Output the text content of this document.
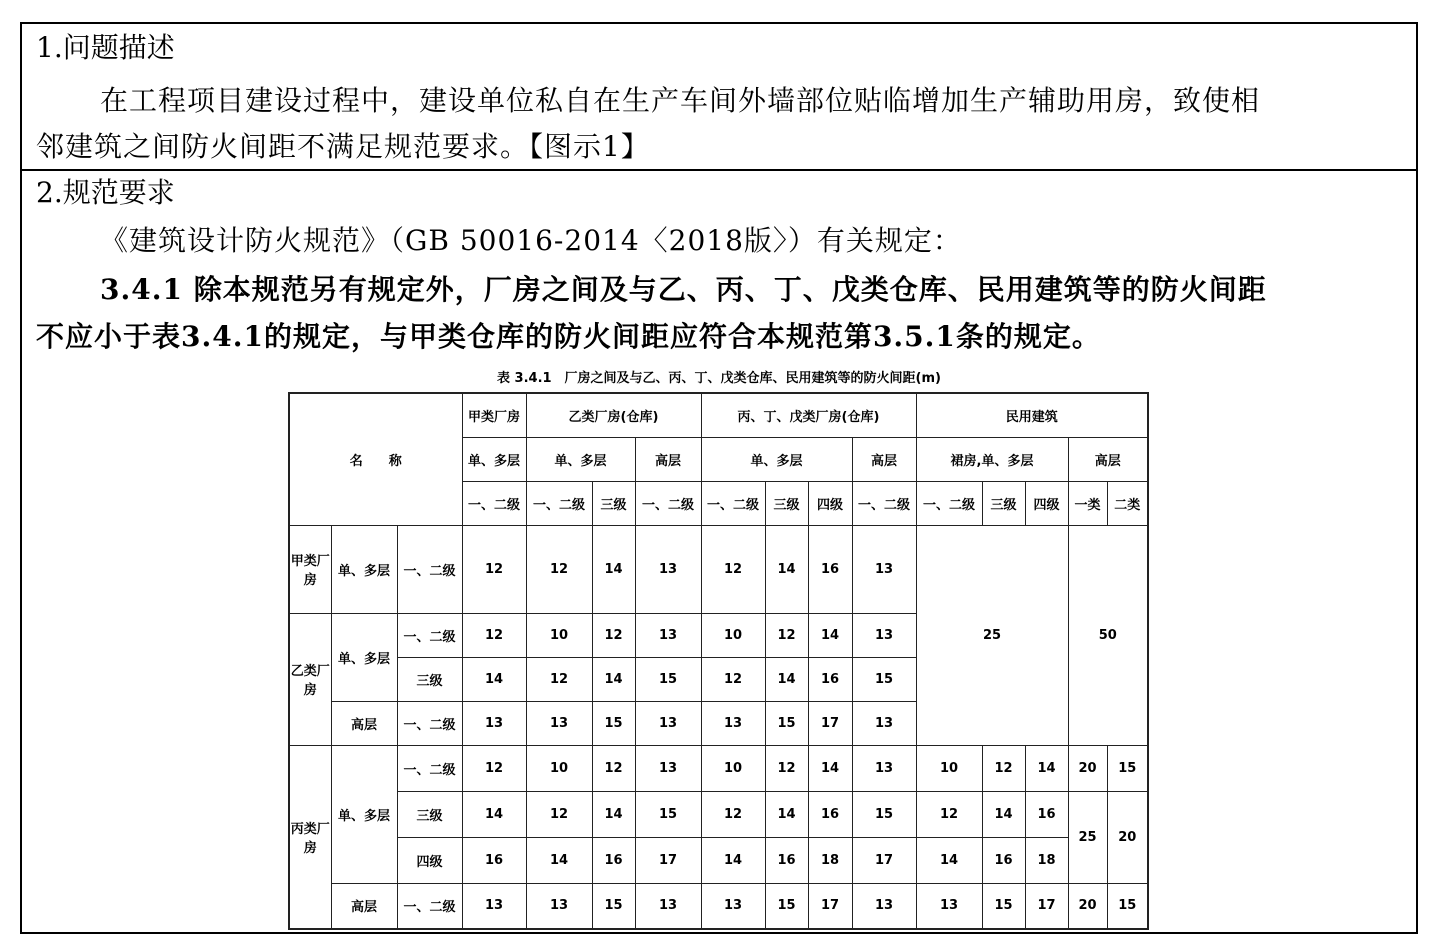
1.问题描述
在工程项目建设过程中，建设单位私自在生产车间外墙部位贴临增加生产辅助用房，致使相
邻建筑之间防火间距不满足规范要求。【图示1】
2.规范要求
《建筑设计防火规范》（GB 50016-2014〈2018版〉）有关规定：
3.4.1 除本规范另有规定外，厂房之间及与乙、丙、丁、戊类仓库、民用建筑等的防火间距
不应小于表3.4.1的规定，与甲类仓库的防火间距应符合本规范第3.5.1条的规定。
表 3.4.1　厂房之间及与乙、丙、丁、戊类仓库、民用建筑等的防火间距(m)
名　　称			甲类厂房	乙类厂房(仓库)			丙、丁、戊类厂房(仓库)				民用建筑				
			单、多层	单、多层		高层	单、多层			高层	裙房,单、多层			高层	
			一、二级	一、二级	三级	一、二级	一、二级	三级	四级	一、二级	一、二级	三级	四级	一类	二类
甲类厂房	单、多层	一、二级	12	12	14	13	12	14	16	13	25			50	
乙类厂房	单、多层	一、二级	12	10	12	13	10	12	14	13					
		三级	14	12	14	15	12	14	16	15					
	高层	一、二级	13	13	15	13	13	15	17	13					
丙类厂房	单、多层	一、二级	12	10	12	13	10	12	14	13	10	12	14	20	15
		三级	14	12	14	15	12	14	16	15	12	14	16	25	20
		四级	16	14	16	17	14	16	18	17	14	16	18		
	高层	一、二级	13	13	15	13	13	15	17	13	13	15	17	20	15
